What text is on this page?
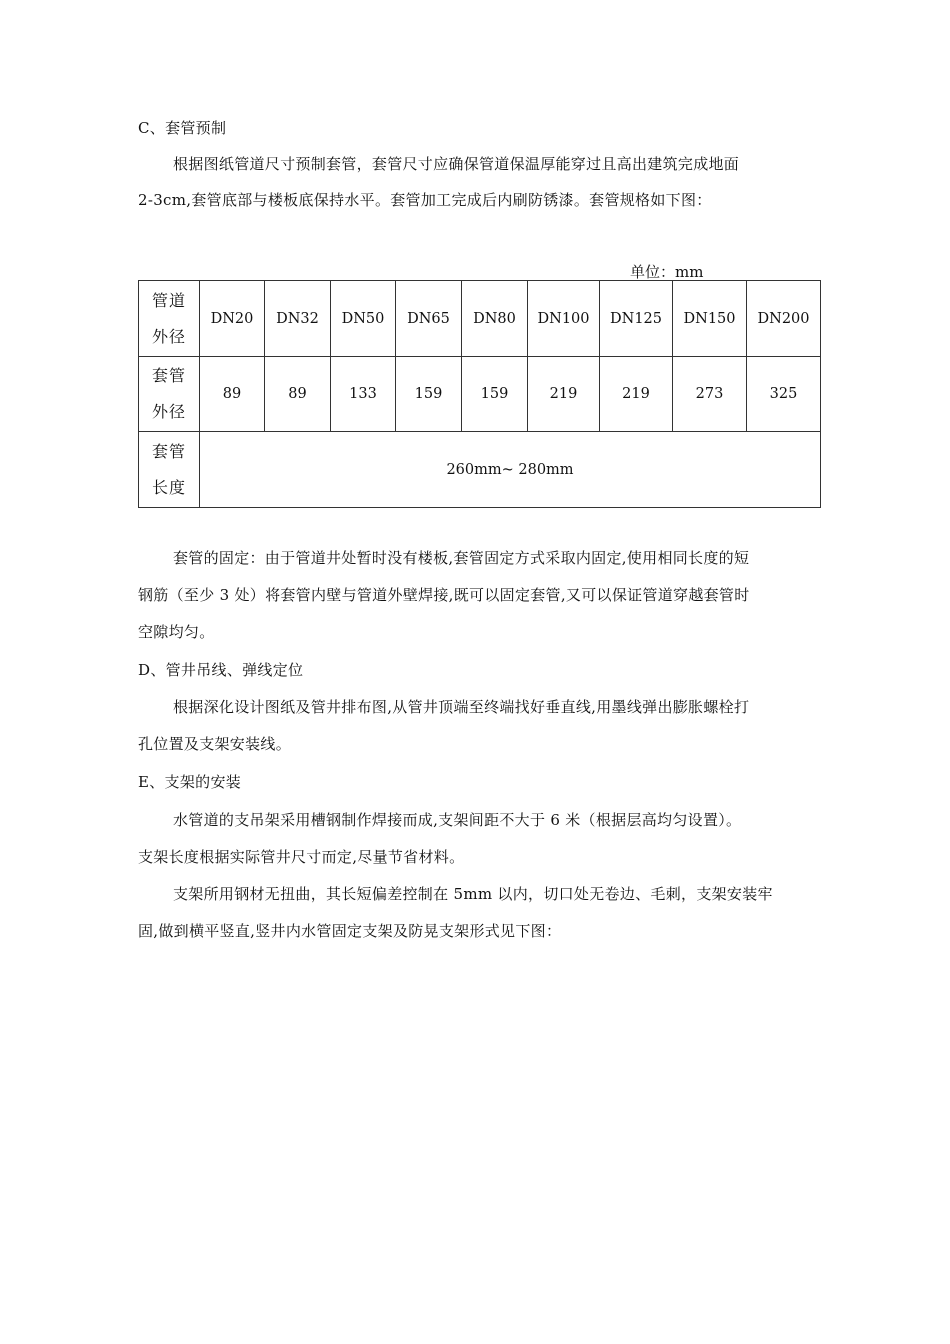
C、套管预制
根据图纸管道尺寸预制套管，套管尺寸应确保管道保温厚能穿过且高出建筑完成地面
2-3cm,套管底部与楼板底保持水平。套管加工完成后内刷防锈漆。套管规格如下图：
单位：mm
管道
外径	DN20	DN32	DN50	DN65	DN80	DN100	DN125	DN150	DN200

套管
外径	89	89	133	159	159	219	219	273	325

套管
长度	260mm~ 280mm								
套管的固定：由于管道井处暂时没有楼板,套管固定方式采取内固定,使用相同长度的短
钢筋（至少 3 处）将套管内壁与管道外壁焊接,既可以固定套管,又可以保证管道穿越套管时
空隙均匀。
D、管井吊线、弹线定位
根据深化设计图纸及管井排布图,从管井顶端至终端找好垂直线,用墨线弹出膨胀螺栓打
孔位置及支架安装线。
E、支架的安装
水管道的支吊架采用槽钢制作焊接而成,支架间距不大于 6 米（根据层高均匀设置）。
支架长度根据实际管井尺寸而定,尽量节省材料。
支架所用钢材无扭曲，其长短偏差控制在 5mm 以内，切口处无卷边、毛刺，支架安装牢
固,做到横平竖直,竖井内水管固定支架及防晃支架形式见下图：
